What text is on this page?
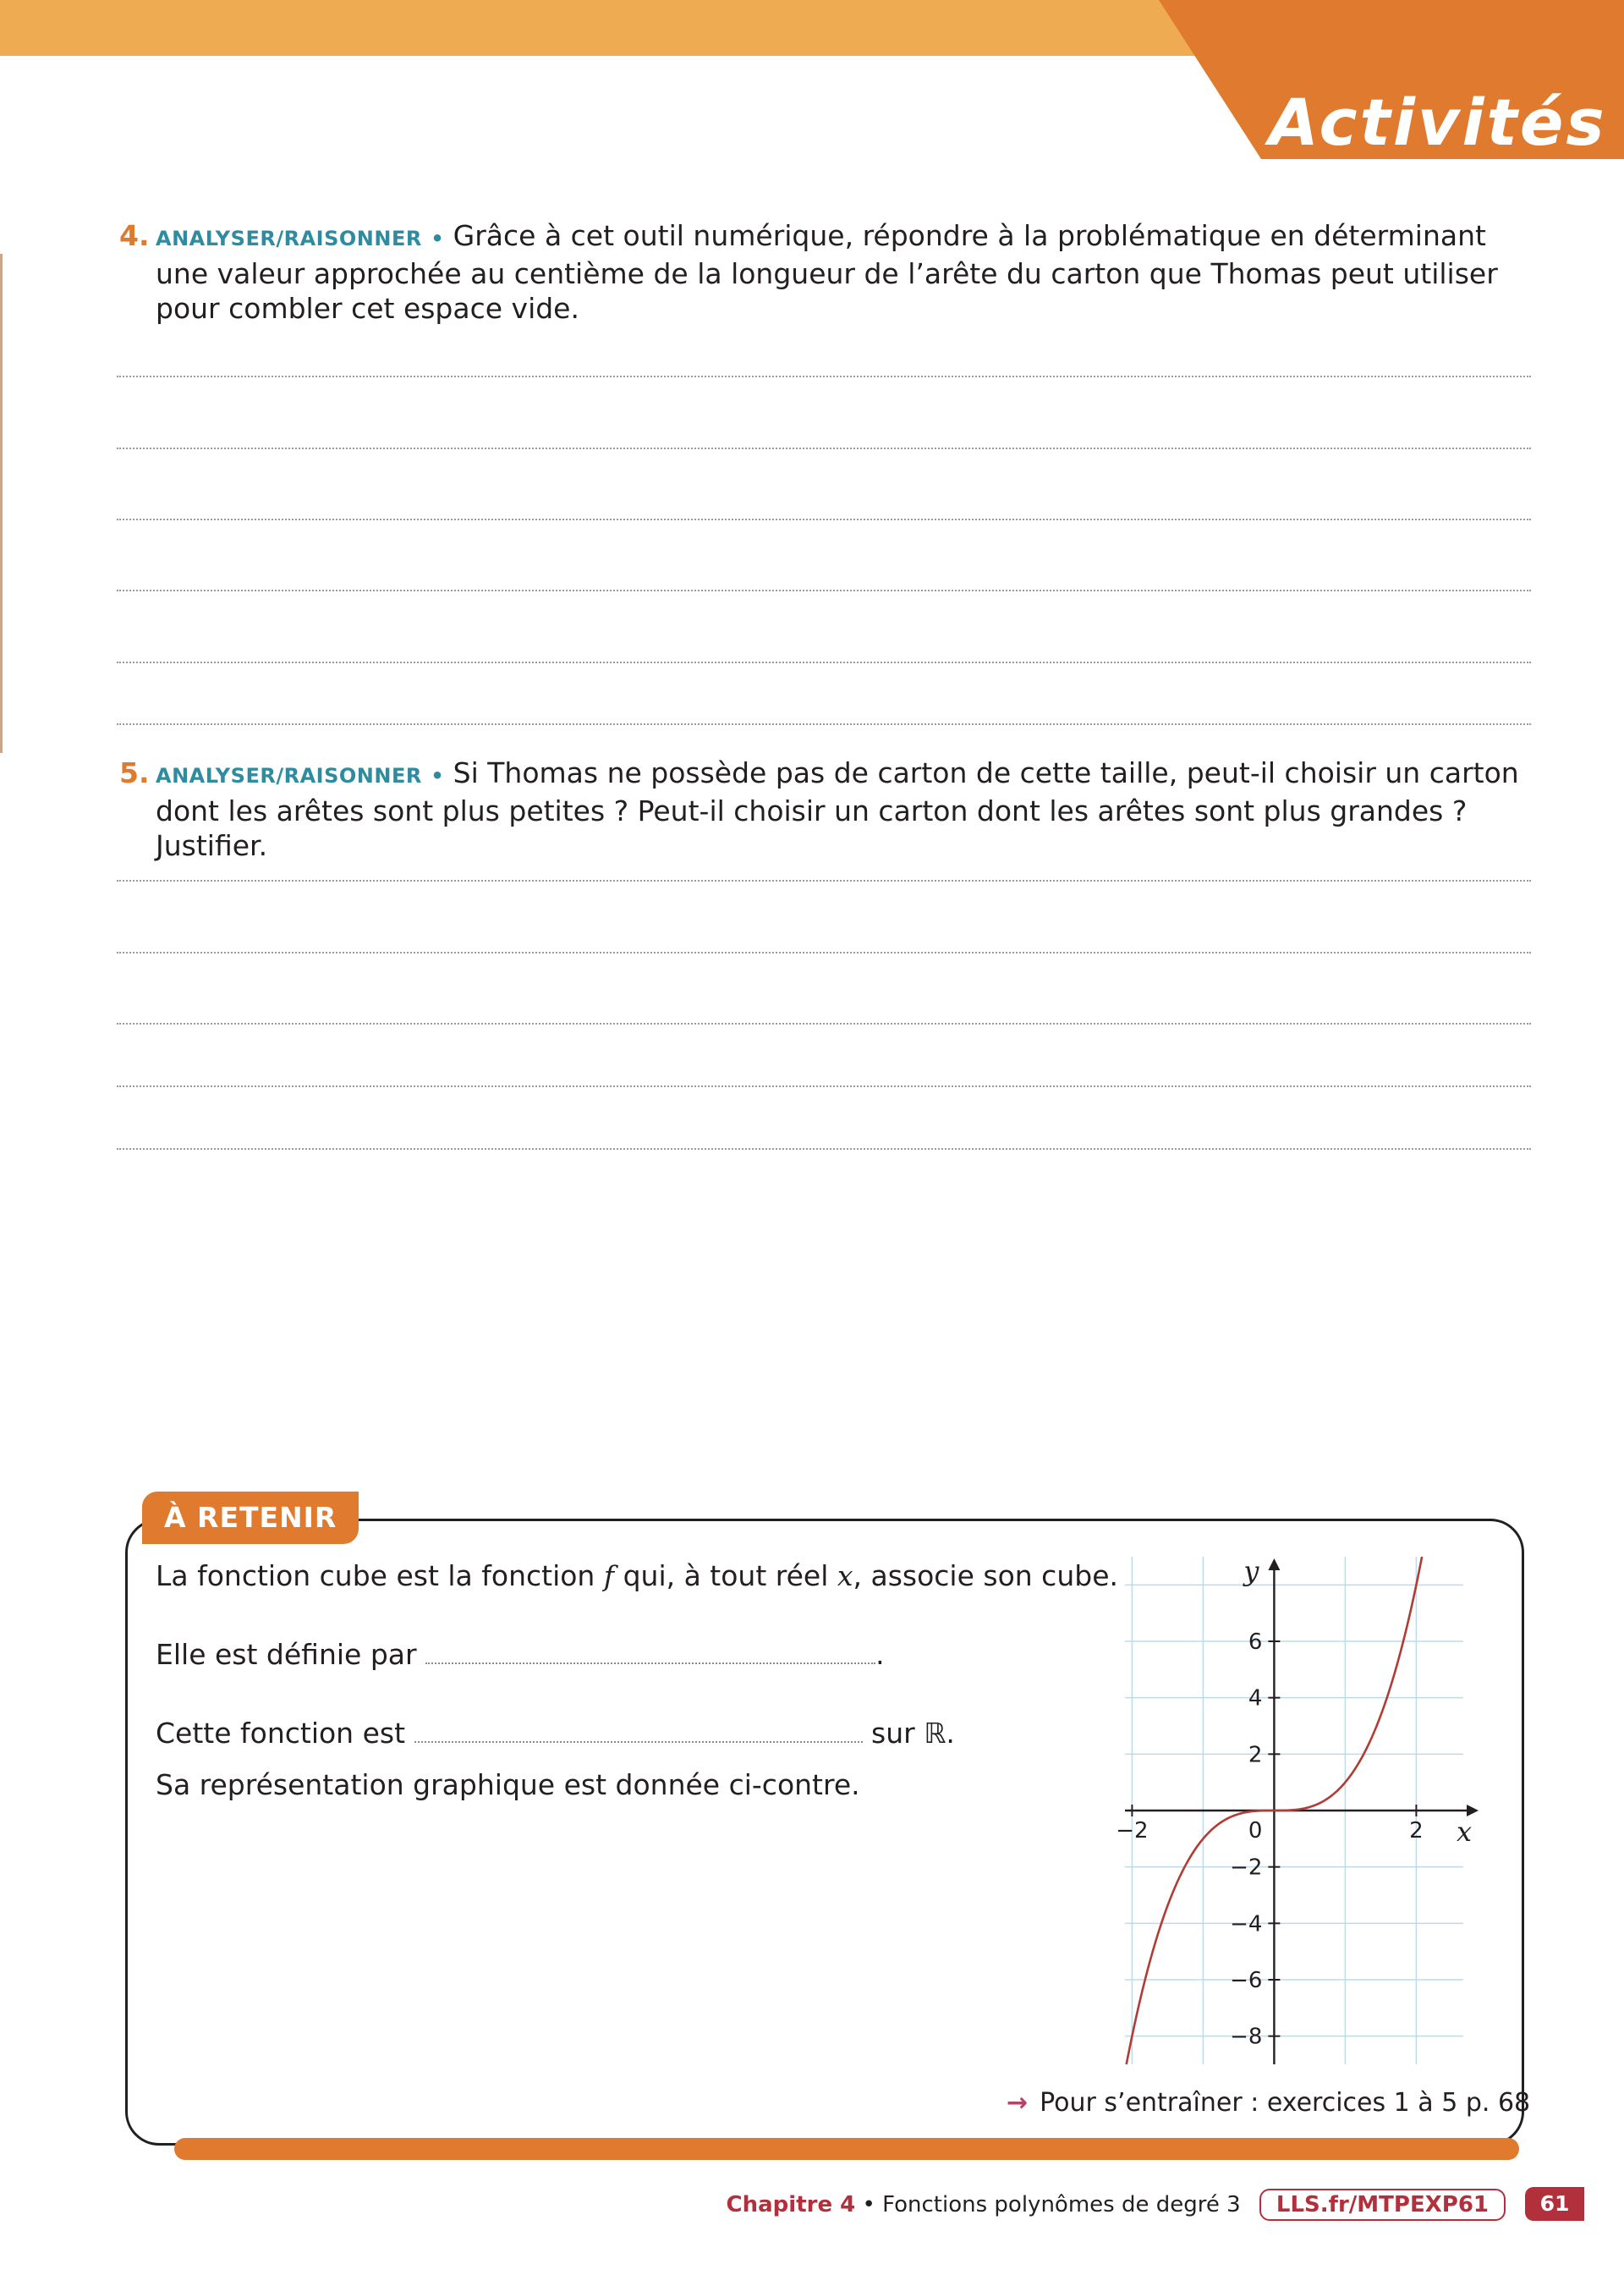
Activités
4. ANALYSER/RAISONNER • Grâce à cet outil numérique, répondre à la problématique en déterminant une valeur approchée au centième de la longueur de l’arête du carton que Thomas peut utiliser pour combler cet espace vide.
5. ANALYSER/RAISONNER • Si Thomas ne possède pas de carton de cette taille, peut-il choisir un carton dont les arêtes sont plus petites ? Peut-il choisir un carton dont les arêtes sont plus grandes ? Justifier.
À RETENIR
La fonction cube est la fonction f qui, à tout réel x, associe son cube.
Elle est définie par	.
Cette fonction est	sur ℝ.
Sa représentation graphique est donnée ci-contre.
x
y
−2	2
6
4
2
−2
−4
−6
−8
0
→ Pour s’entraîner : exercices 1 à 5 p. 68
Chapitre 4 • Fonctions polynômes de degré 3 LLS.fr/MTPEXP61	61
